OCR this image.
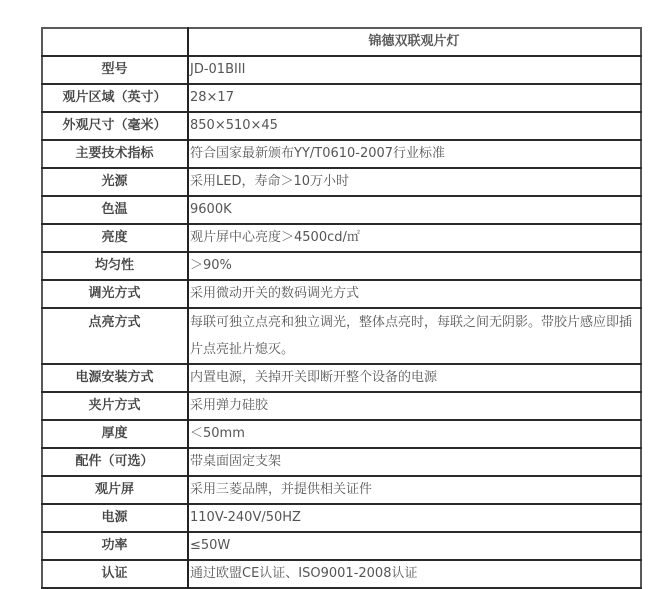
	锦德双联观片灯
型号	JD-01BIII
观片区域（英寸）	28×17
外观尺寸（毫米）	850×510×45
主要技术指标	符合国家最新颁布YY/T0610-2007行业标准
光源	采用LED，寿命＞10万小时
色温	9600K
亮度	观片屏中心亮度＞4500cd/㎡
均匀性	＞90%
调光方式	采用微动开关的数码调光方式
点亮方式	每联可独立点亮和独立调光，整体点亮时，每联之间无阴影。带胶片感应即插片点亮扯片熄灭。
电源安装方式	内置电源，关掉开关即断开整个设备的电源
夹片方式	采用弹力硅胶
厚度	＜50mm
配件（可选）	带桌面固定支架
观片屏	采用三菱品牌，并提供相关证件
电源	110V-240V/50HZ
功率	≤50W
认证	通过欧盟CE认证、ISO9001-2008认证
